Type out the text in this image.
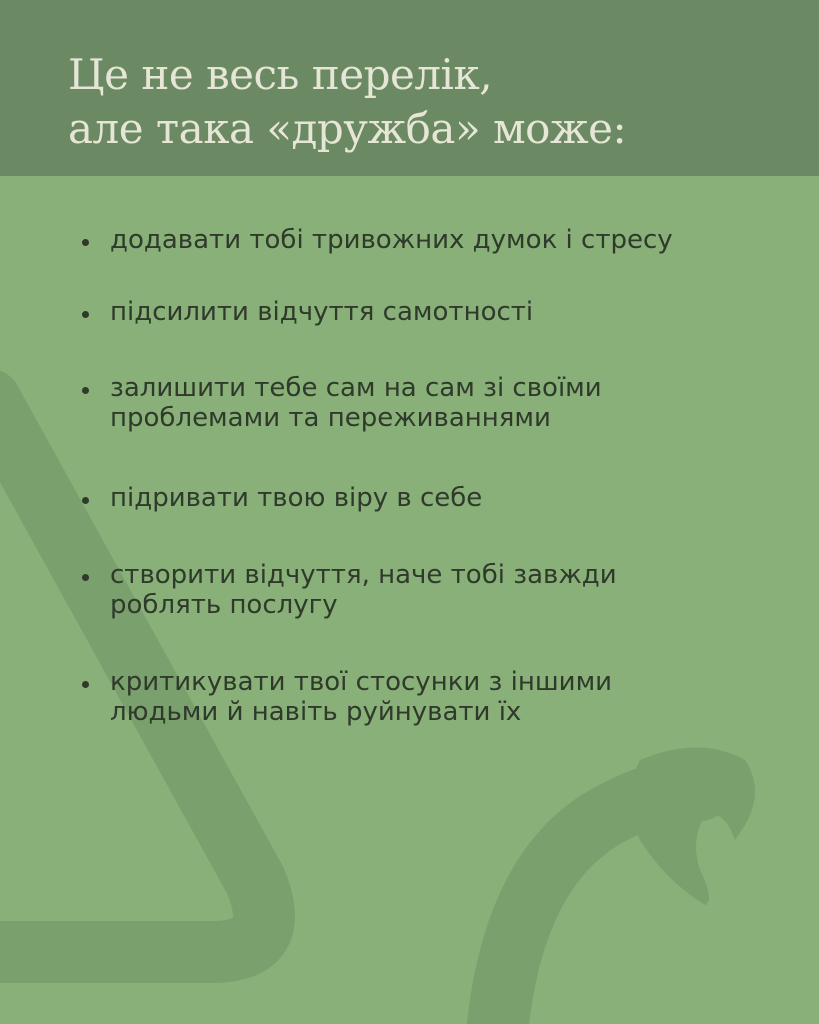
Це не весь перелік,
але така «дружба» може:
додавати тобі тривожних думок і стресу
підсилити відчуття самотності
залишити тебе сам на сам зі своїми
проблемами та переживаннями
підривати твою віру в себе
створити відчуття, наче тобі завжди
роблять послугу
критикувати твої стосунки з іншими
людьми й навіть руйнувати їх
